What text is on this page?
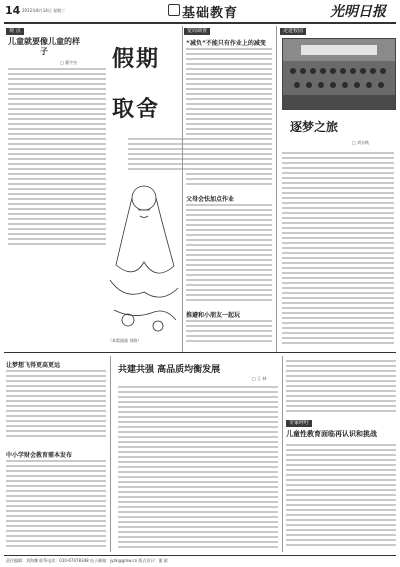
14 2012年8月14日 星期三	基础教育	光明日报
观 点
儿童就要像儿童的样子
□ 董宇杰 假期
取舍
（本版插画 刘路）
宽周调查
“减负”不能只有作业上的减变
父母会怯加点作业
推避和小朋友一起玩
走进校园
逐梦之旅
□ 刘水秋
让梦想飞得更高更远
中小学财会教育需本发布
共建共强 高品质均衡发展
□ 王 林
专家呼吁
儿童性教育面临再认识和挑战
责任编辑：刘海鹰 联系电话：010-67078348 电子邮箱：jyzk@gmw.cn 版式设计：董 斌
